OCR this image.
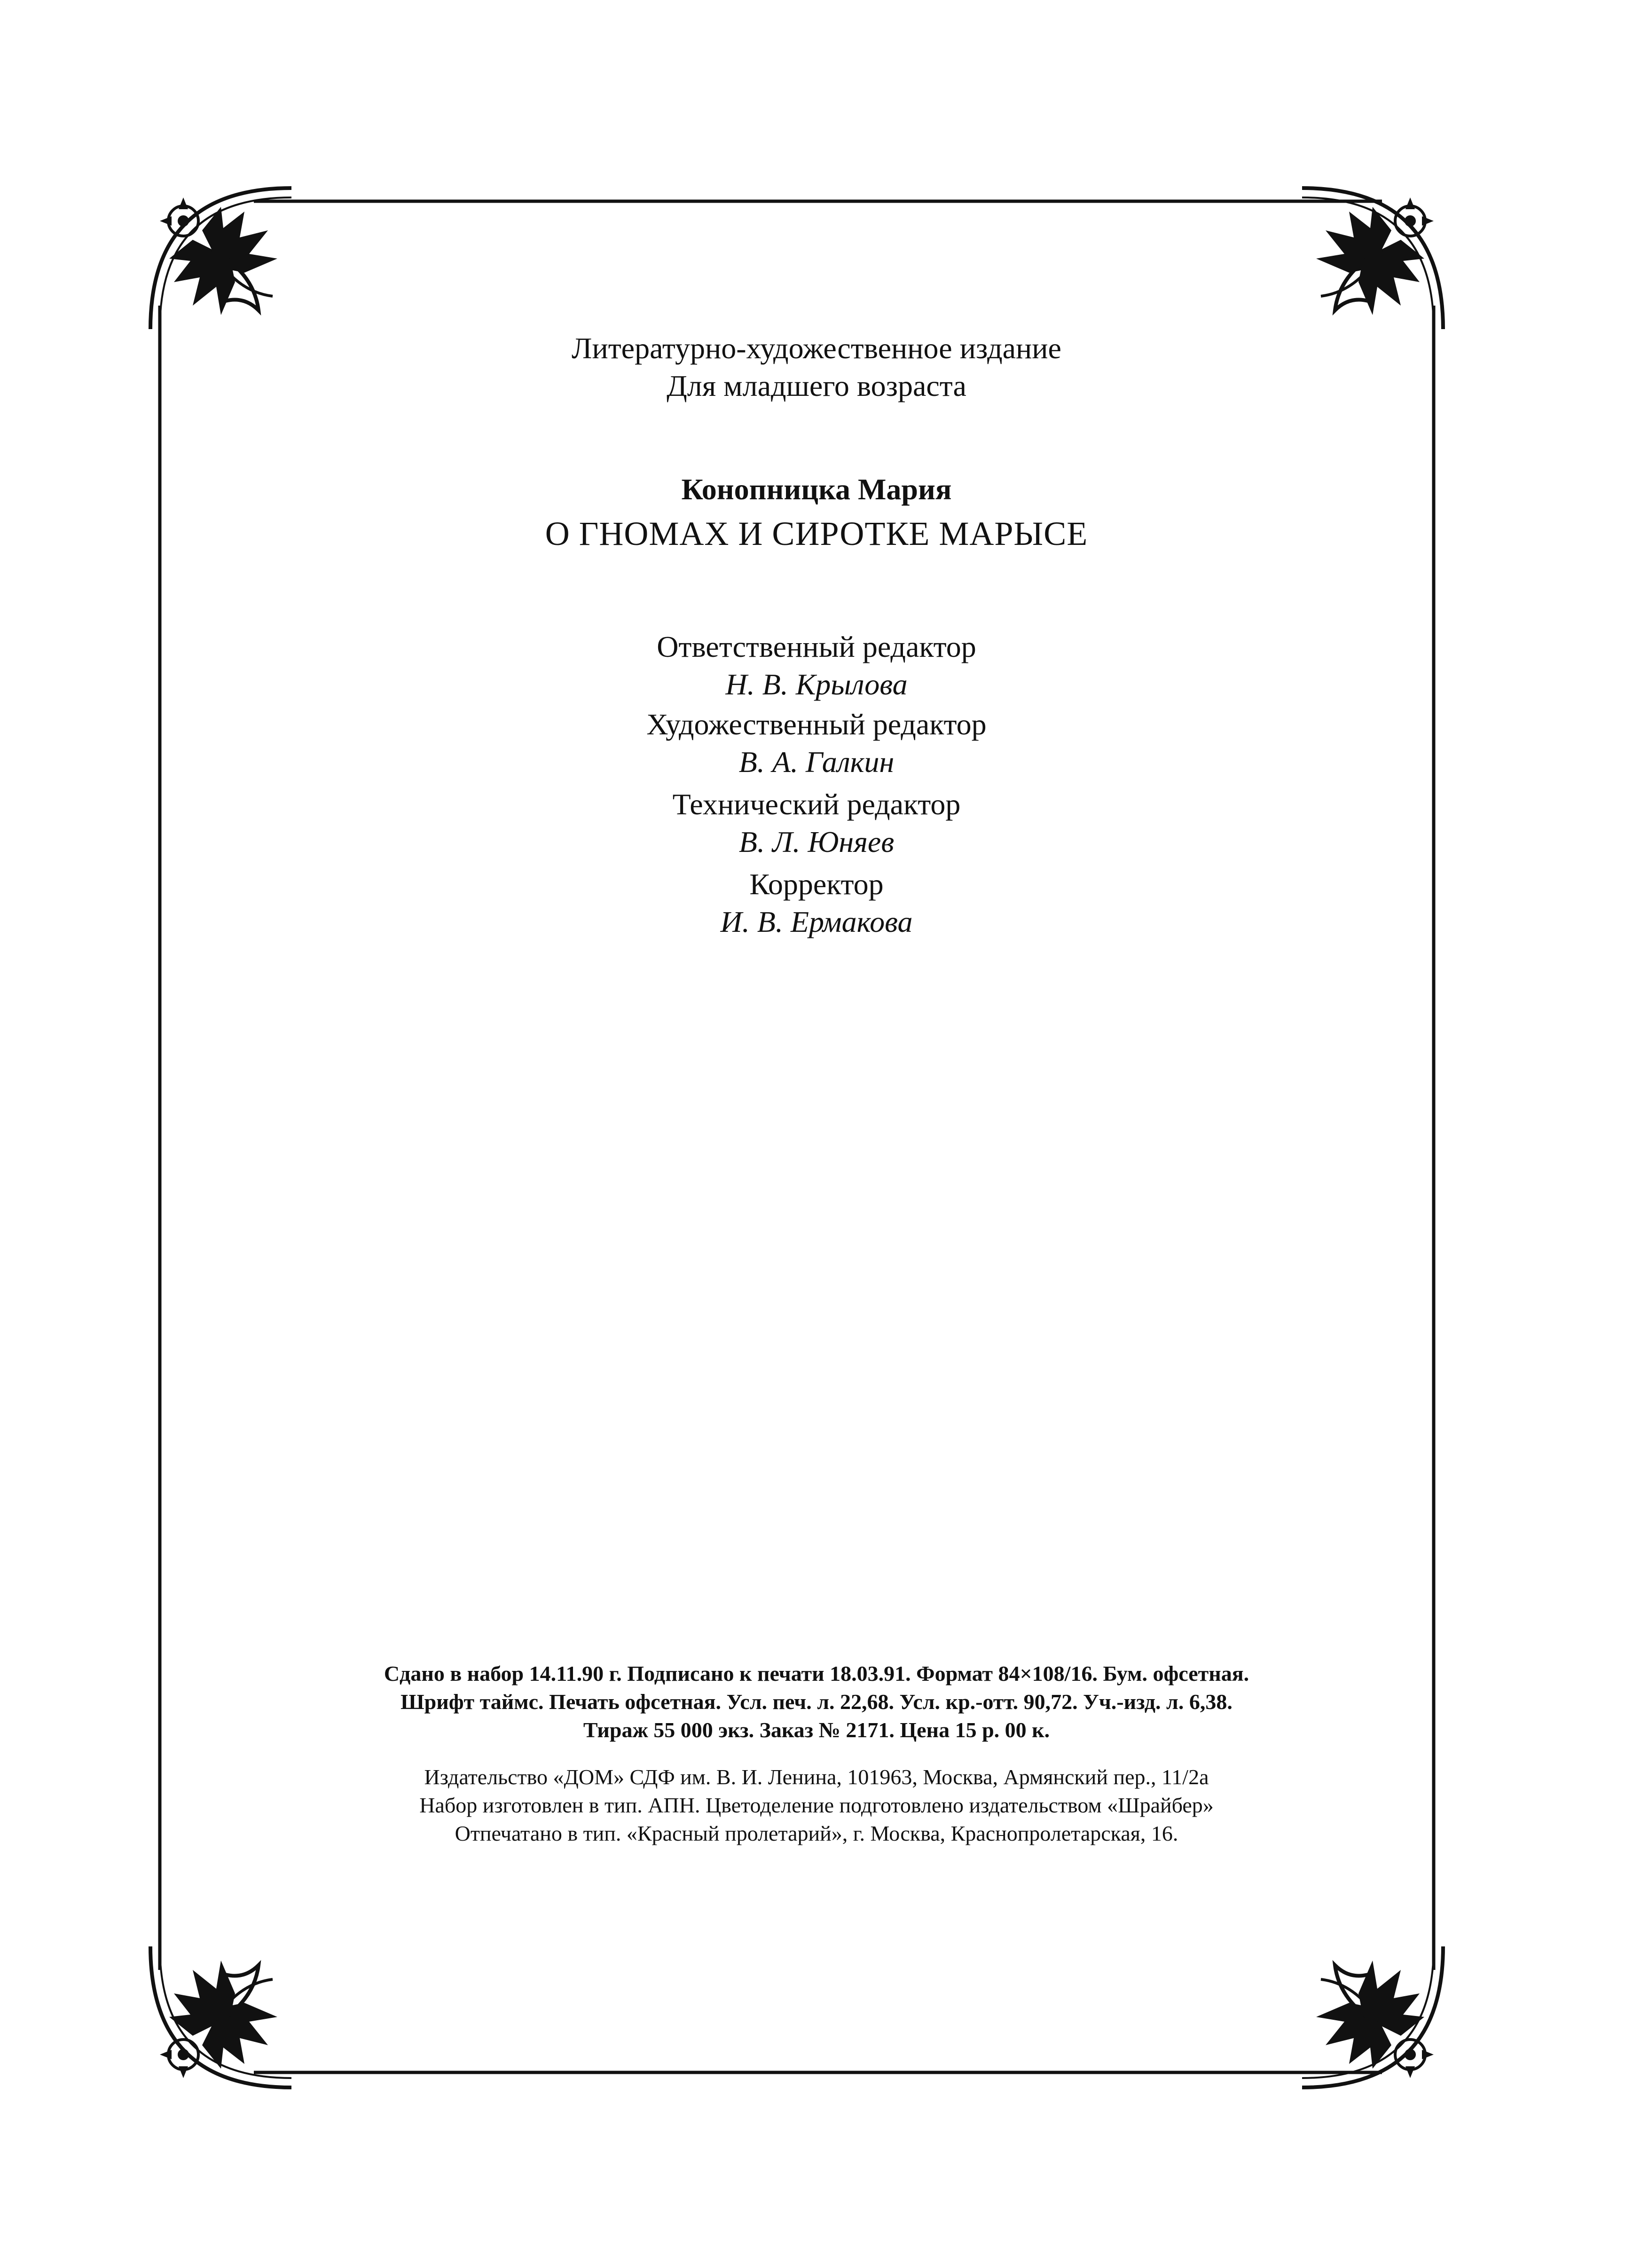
Литературно-художественное издание
Для младшего возраста
Конопницка Мария
О ГНОМАХ И СИРОТКЕ МАРЫСЕ
Ответственный редактор
Н. В. Крылова
Художественный редактор
В. А. Галкин
Технический редактор
В. Л. Юняев
Корректор
И. В. Ермакова
Сдано в набор 14.11.90 г. Подписано к печати 18.03.91. Формат 84×108/16. Бум. офсетная.
Шрифт таймс. Печать офсетная. Усл. печ. л. 22,68. Усл. кр.-отт. 90,72. Уч.-изд. л. 6,38.
Тираж 55 000 экз. Заказ № 2171. Цена 15 р. 00 к.
Издательство «ДОМ» СДФ им. В. И. Ленина, 101963, Москва, Армянский пер., 11/2а
Набор изготовлен в тип. АПН. Цветоделение подготовлено издательством «Шрайбер»
Отпечатано в тип. «Красный пролетарий», г. Москва, Краснопролетарская, 16.
